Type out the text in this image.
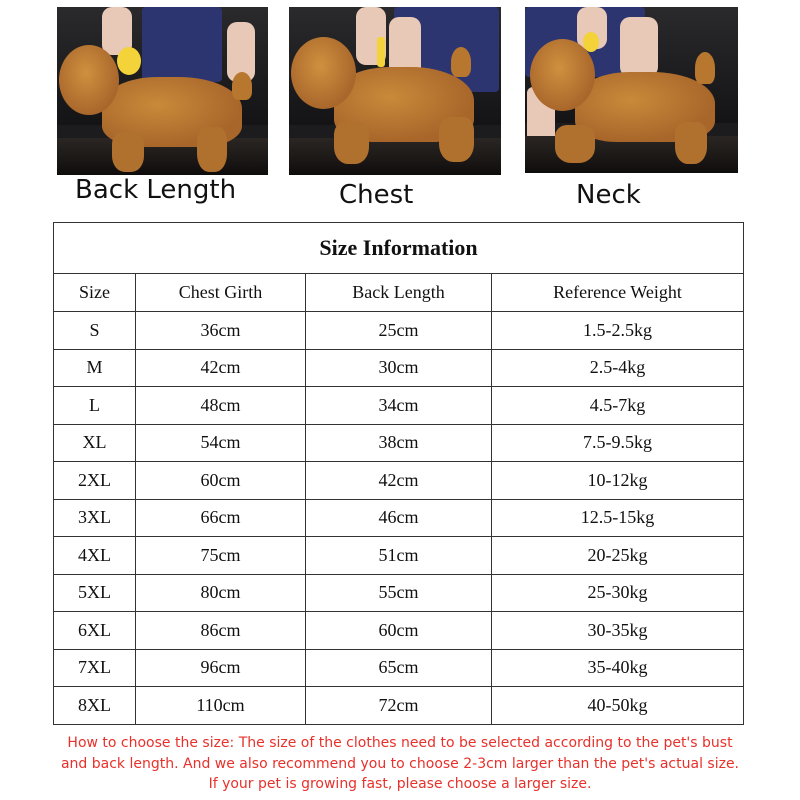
Back Length	Chest	Neck
Size Information			
Size	Chest Girth	Back Length	Reference Weight
S	36cm	25cm	1.5-2.5kg
M	42cm	30cm	2.5-4kg
L	48cm	34cm	4.5-7kg
XL	54cm	38cm	7.5-9.5kg
2XL	60cm	42cm	10-12kg
3XL	66cm	46cm	12.5-15kg
4XL	75cm	51cm	20-25kg
5XL	80cm	55cm	25-30kg
6XL	86cm	60cm	30-35kg
7XL	96cm	65cm	35-40kg
8XL	110cm	72cm	40-50kg
How to choose the size: The size of the clothes need to be selected according to the pet's bust
and back length. And we also recommend you to choose 2-3cm larger than the pet's actual size.
If your pet is growing fast, please choose a larger size.
